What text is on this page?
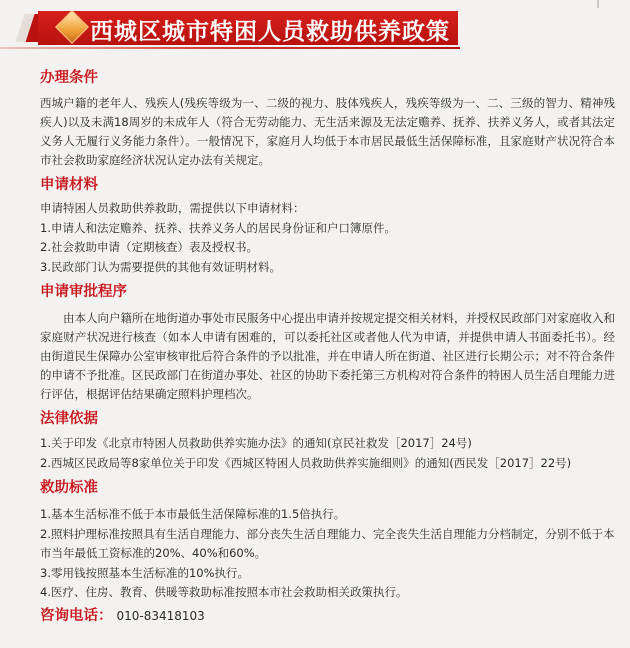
西城区城市特困人员救助供养政策
办理条件

西城户籍的老年人、残疾人(残疾等级为一、二级的视力、肢体残疾人，残疾等级为一、二、三级的智力、精神残疾人)以及未满18周岁的未成年人（符合无劳动能力、无生活来源及无法定赡养、抚养、扶养义务人，或者其法定义务人无履行义务能力条件）。一般情况下，家庭月人均低于本市居民最低生活保障标准，且家庭财产状况符合本市社会救助家庭经济状况认定办法有关规定。

申请材料

申请特困人员救助供养救助，需提供以下申请材料：

1.申请人和法定赡养、抚养、扶养义务人的居民身份证和户口簿原件。

2.社会救助申请（定期核查）表及授权书。

3.民政部门认为需要提供的其他有效证明材料。

申请审批程序

由本人向户籍所在地街道办事处市民服务中心提出申请并按规定提交相关材料，并授权民政部门对家庭收入和家庭财产状况进行核查（如本人申请有困难的，可以委托社区或者他人代为申请，并提供申请人书面委托书）。经由街道民生保障办公室审核审批后符合条件的予以批准，并在申请人所在街道、社区进行长期公示；对不符合条件的申请不予批准。区民政部门在街道办事处、社区的协助下委托第三方机构对符合条件的特困人员生活自理能力进行评估，根据评估结果确定照料护理档次。

法律依据

1.关于印发《北京市特困人员救助供养实施办法》的通知(京民社救发［2017］24号)

2.西城区民政局等8家单位关于印发《西城区特困人员救助供养实施细则》的通知(西民发［2017］22号)

救助标准

1.基本生活标准不低于本市最低生活保障标准的1.5倍执行。

2.照料护理标准按照具有生活自理能力、部分丧失生活自理能力、完全丧失生活自理能力分档制定，分别不低于本市当年最低工资标准的20%、40%和60%。

3.零用钱按照基本生活标准的10%执行。

4.医疗、住房、教育、供暖等救助标准按照本市社会救助相关政策执行。

咨询电话： 010-83418103
